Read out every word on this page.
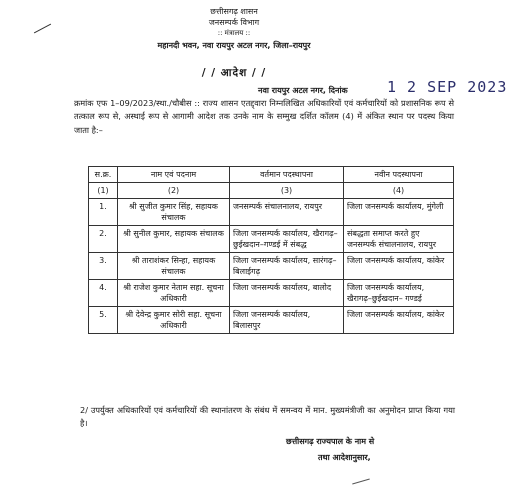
छत्तीसगढ़ शासन
जनसम्पर्क विभाग
:: मंत्रालय ::
महानदी भवन, नवा रायपुर अटल नगर, जिला–रायपुर
/ / आदेश / /
नवा रायपुर अटल नगर, दिनांक	1 2 SEP 2023
क्रमांक एफ 1–09/2023/स्था./चौबीस :: राज्य शासन एतद्द्वारा निम्नलिखित अधिकारियों एवं कर्मचारियों को प्रशासनिक रूप से तत्काल रूप से, अस्थाई रूप से आगामी आदेश तक उनके नाम के सम्मुख दर्शित कॉलम (4) में अंकित स्थान पर पदस्थ किया जाता है:–
स.क्र.	नाम एवं पदनाम	वर्तमान पदस्थापना	नवीन पदस्थापना
(1)	(2)	(3)	(4)
1.	श्री सुजीत कुमार सिंह, सहायक संचालक	जनसम्पर्क संचालनालय, रायपुर	जिला जनसम्पर्क कार्यालय, मुंगेली
2.	श्री सुनील कुमार, सहायक संचालक	जिला जनसम्पर्क कार्यालय, खैरागढ़–छुईखदान–गण्डई में संबद्ध	संबद्धता समाप्त करते हुए जनसम्पर्क संचालनालय, रायपुर
3.	श्री ताराशंकर सिन्हा, सहायक संचालक	जिला जनसम्पर्क कार्यालय, सारंगढ़–बिलाईगढ़	जिला जनसम्पर्क कार्यालय, कांकेर
4.	श्री राजेश कुमार नेताम सहा. सूचना अधिकारी	जिला जनसम्पर्क कार्यालय, बालोद	जिला जनसम्पर्क कार्यालय, खैरागढ़–छुईखदान– गण्डई
5.	श्री देवेन्द्र कुमार सोरी सहा. सूचना अधिकारी	जिला जनसम्पर्क कार्यालय, बिलासपुर	जिला जनसम्पर्क कार्यालय, कांकेर
2/ उपर्युक्त अधिकारियों एवं कर्मचारियों की स्थानांतरण के संबंध में समन्वय में मान. मुख्यमंत्रीजी का अनुमोदन प्राप्त किया गया है।
छत्तीसगढ़ राज्यपाल के नाम से
तथा आदेशानुसार,
